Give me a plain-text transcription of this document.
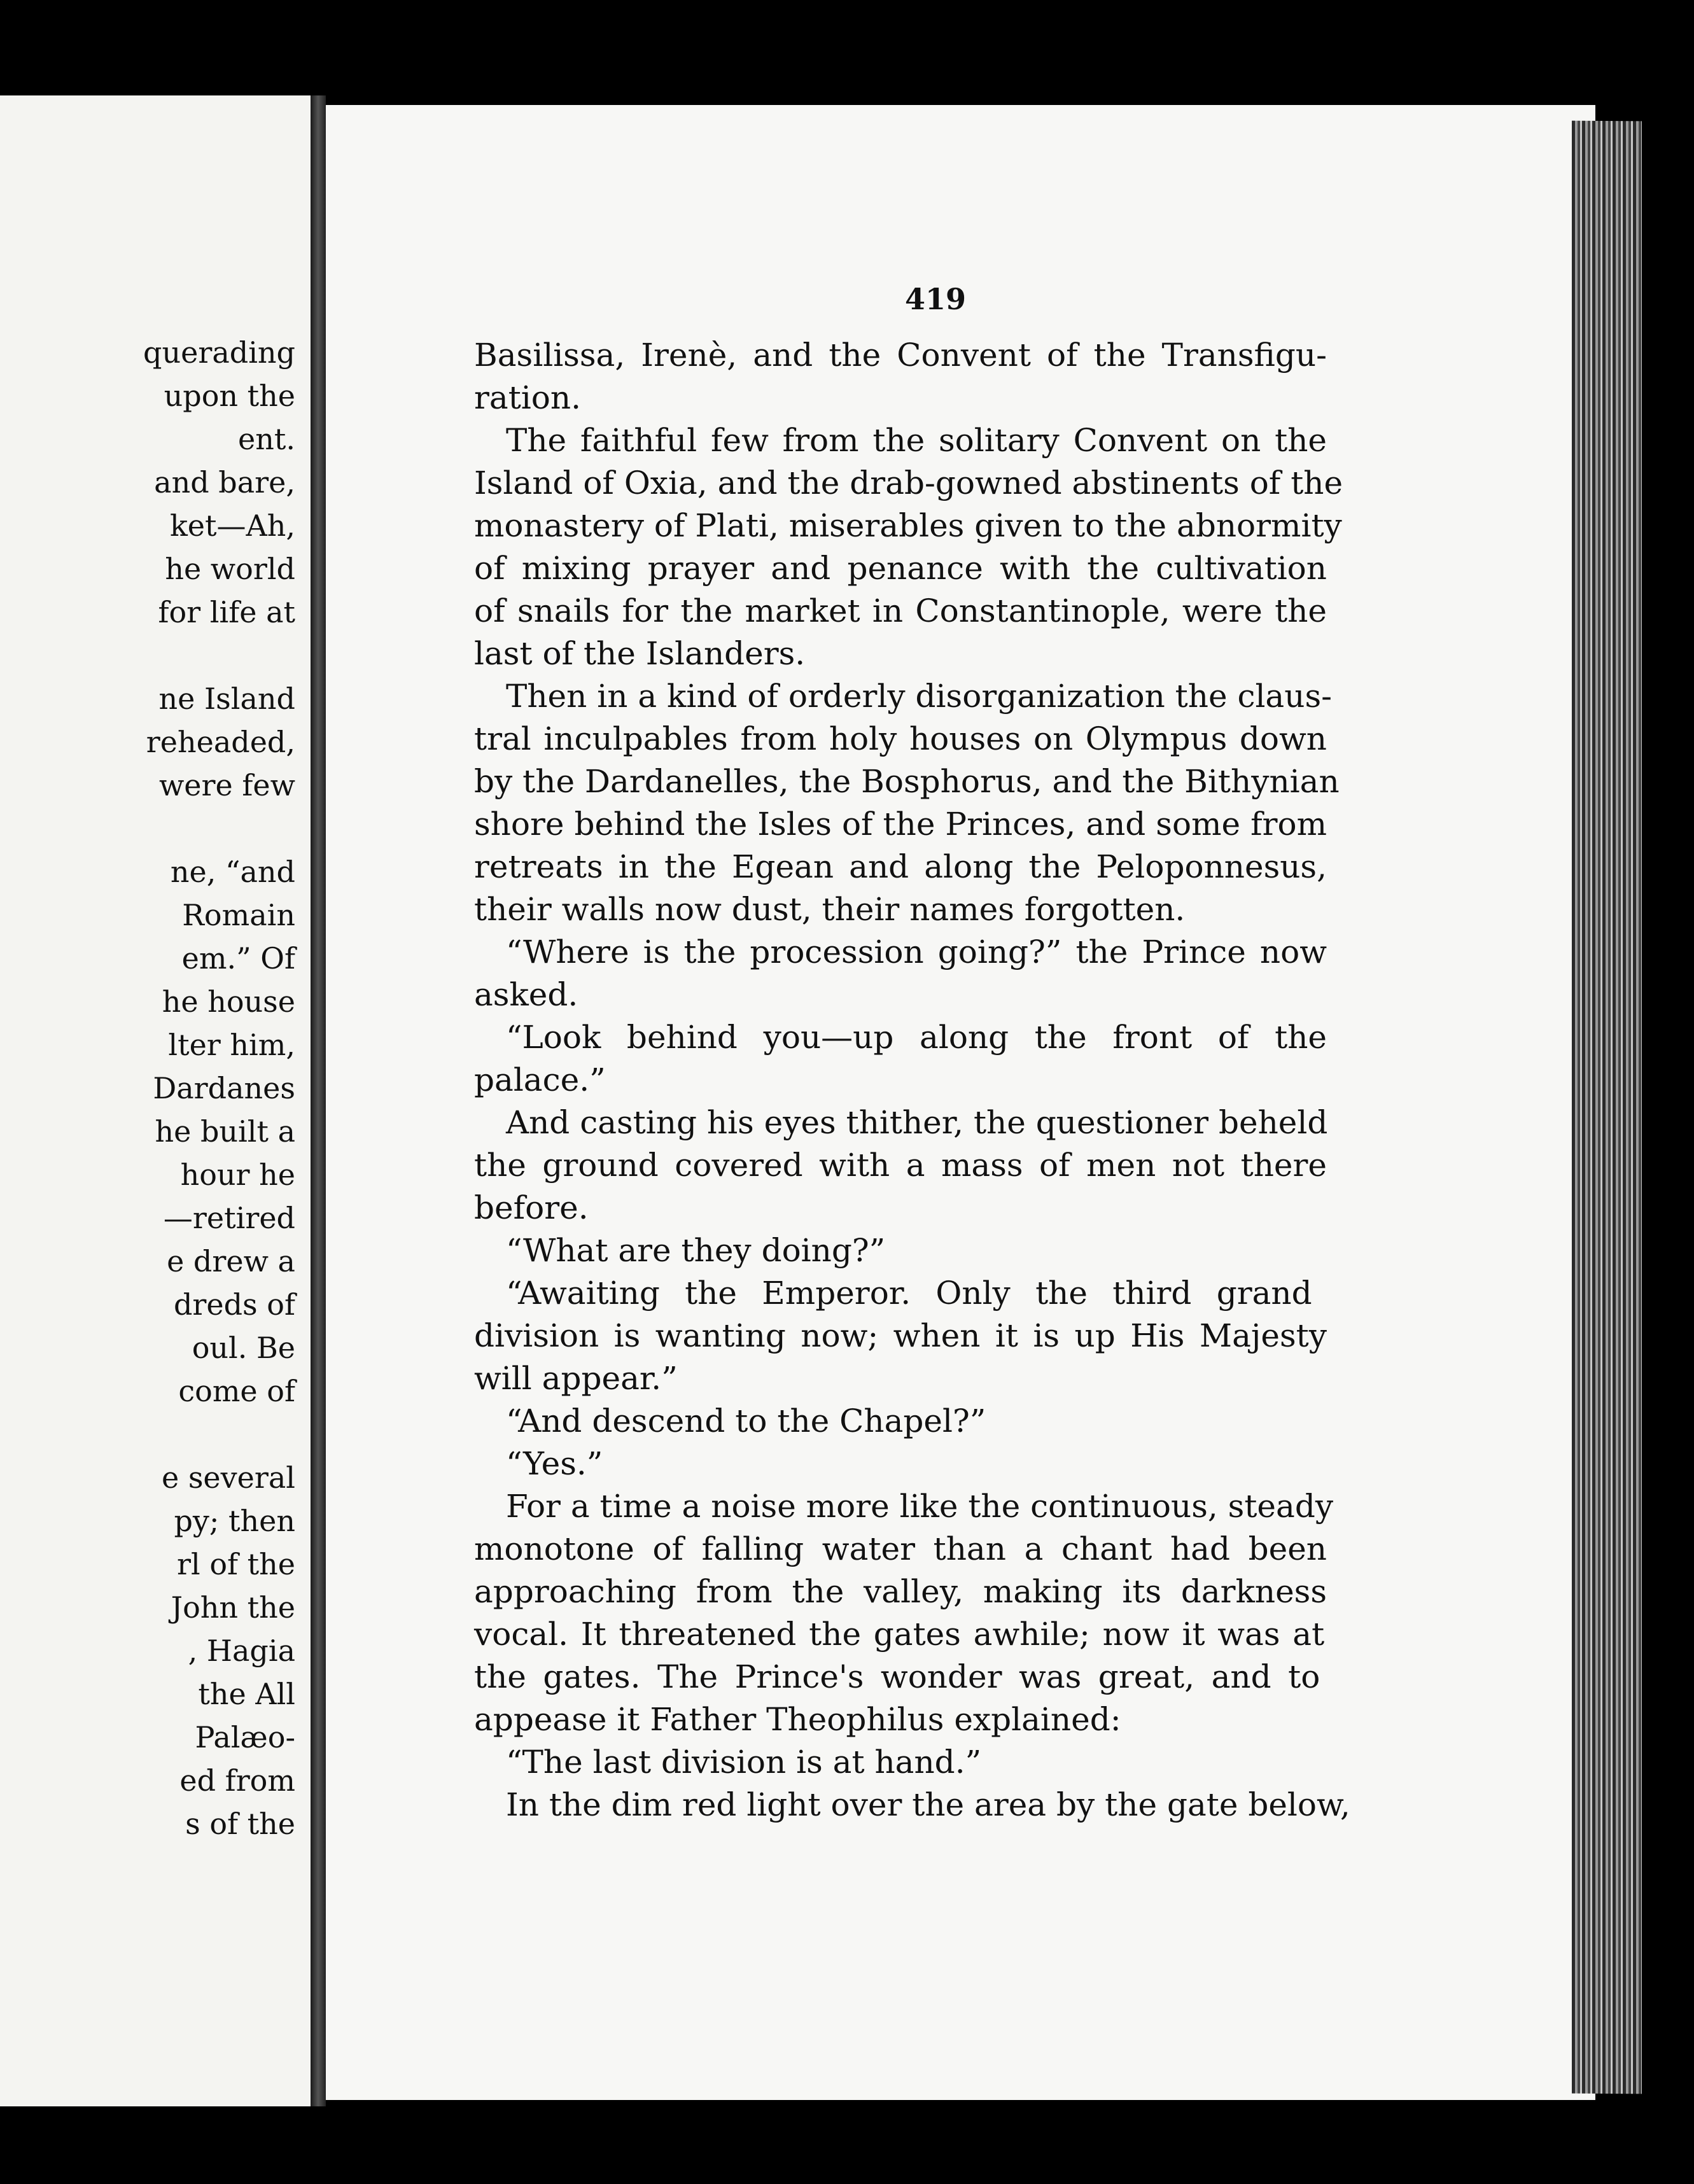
querading
upon the
ent.
and bare,
ket—Ah,
he world
for life at
ne Island
reheaded,
were few
ne, “and
Romain
em.” Of
he house
lter him,
Dardanes
he built a
hour he
—retired
e drew a
dreds of
oul. Be
come of
e several
py; then
rl of the
John the
, Hagia
the All
Palæo-
ed from
s of the
419
Basilissa, Irenè, and the Convent of the Transfigu-
ration.
The faithful few from the solitary Convent on the
Island of Oxia, and the drab-gowned abstinents of the
monastery of Plati, miserables given to the abnormity
of mixing prayer and penance with the cultivation
of snails for the market in Constantinople, were the
last of the Islanders.
Then in a kind of orderly disorganization the claus-
tral inculpables from holy houses on Olympus down
by the Dardanelles, the Bosphorus, and the Bithynian
shore behind the Isles of the Princes, and some from
retreats in the Egean and along the Peloponnesus,
their walls now dust, their names forgotten.
“Where is the procession going?” the Prince now
asked.
“Look behind you—up along the front of the
palace.”
And casting his eyes thither, the questioner beheld
the ground covered with a mass of men not there
before.
“What are they doing?”
“Awaiting the Emperor. Only the third grand
division is wanting now; when it is up His Majesty
will appear.”
“And descend to the Chapel?”
“Yes.”
For a time a noise more like the continuous, steady
monotone of falling water than a chant had been
approaching from the valley, making its darkness
vocal. It threatened the gates awhile; now it was at
the gates. The Prince's wonder was great, and to
appease it Father Theophilus explained:
“The last division is at hand.”
In the dim red light over the area by the gate below,
